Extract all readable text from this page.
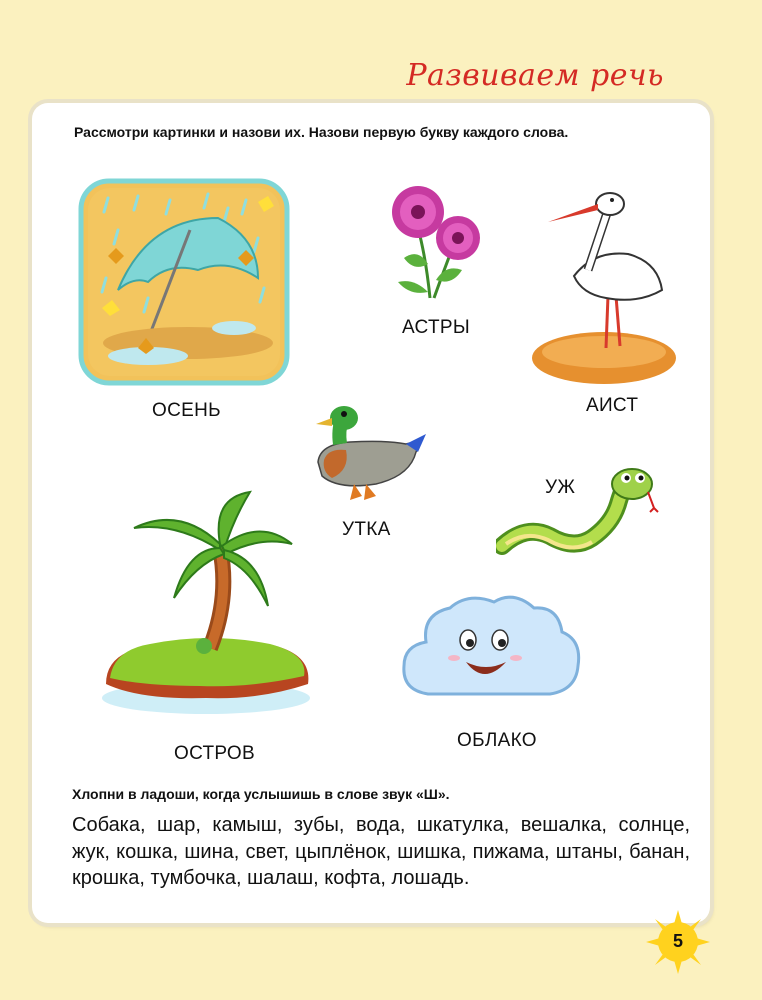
Развиваем речь
Рассмотри картинки и назови их. Назови первую букву каждого слова.
ОСЕНЬ
АСТРЫ
АИСТ
УТКА
УЖ
ОСТРОВ
ОБЛАКО
Хлопни в ладоши, когда услышишь в слове звук «Ш».
Собака, шар, камыш, зубы, вода, шкатулка, вешалка, солнце, жук, кошка, шина, свет, цыплёнок, шишка, пижама, штаны, банан, крошка, тумбочка, шалаш, кофта, лошадь.
5
